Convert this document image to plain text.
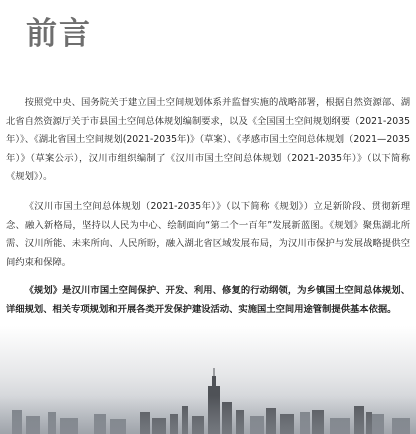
前言

按照党中央、国务院关于建立国土空间规划体系并监督实施的战略部署，根据自然资源部、湖北省自然资源厅关于市县国土空间总体规划编制要求，以及《全国国土空间规划纲要（2021-2035年）》、《湖北省国土空间规划(2021-2035年)》（草案）、《孝感市国土空间总体规划（2021—2035年）》（草案公示），汉川市组织编制了《汉川市国土空间总体规划（2021-2035年）》（以下简称《规划》）。

《汉川市国土空间总体规划（2021-2035年）》（以下简称《规划》）立足新阶段、贯彻新理念、融入新格局，坚持以人民为中心、绘制面向“第二个一百年”发展新蓝图。《规划》聚焦湖北所需、汉川所能、未来所向、人民所盼，融入湖北省区域发展布局，为汉川市保护与发展战略提供空间约束和保障。

《规划》是汉川市国土空间保护、开发、利用、修复的行动纲领，为乡镇国土空间总体规划、详细规划、相关专项规划和开展各类开发保护建设活动、实施国土空间用途管制提供基本依据。
